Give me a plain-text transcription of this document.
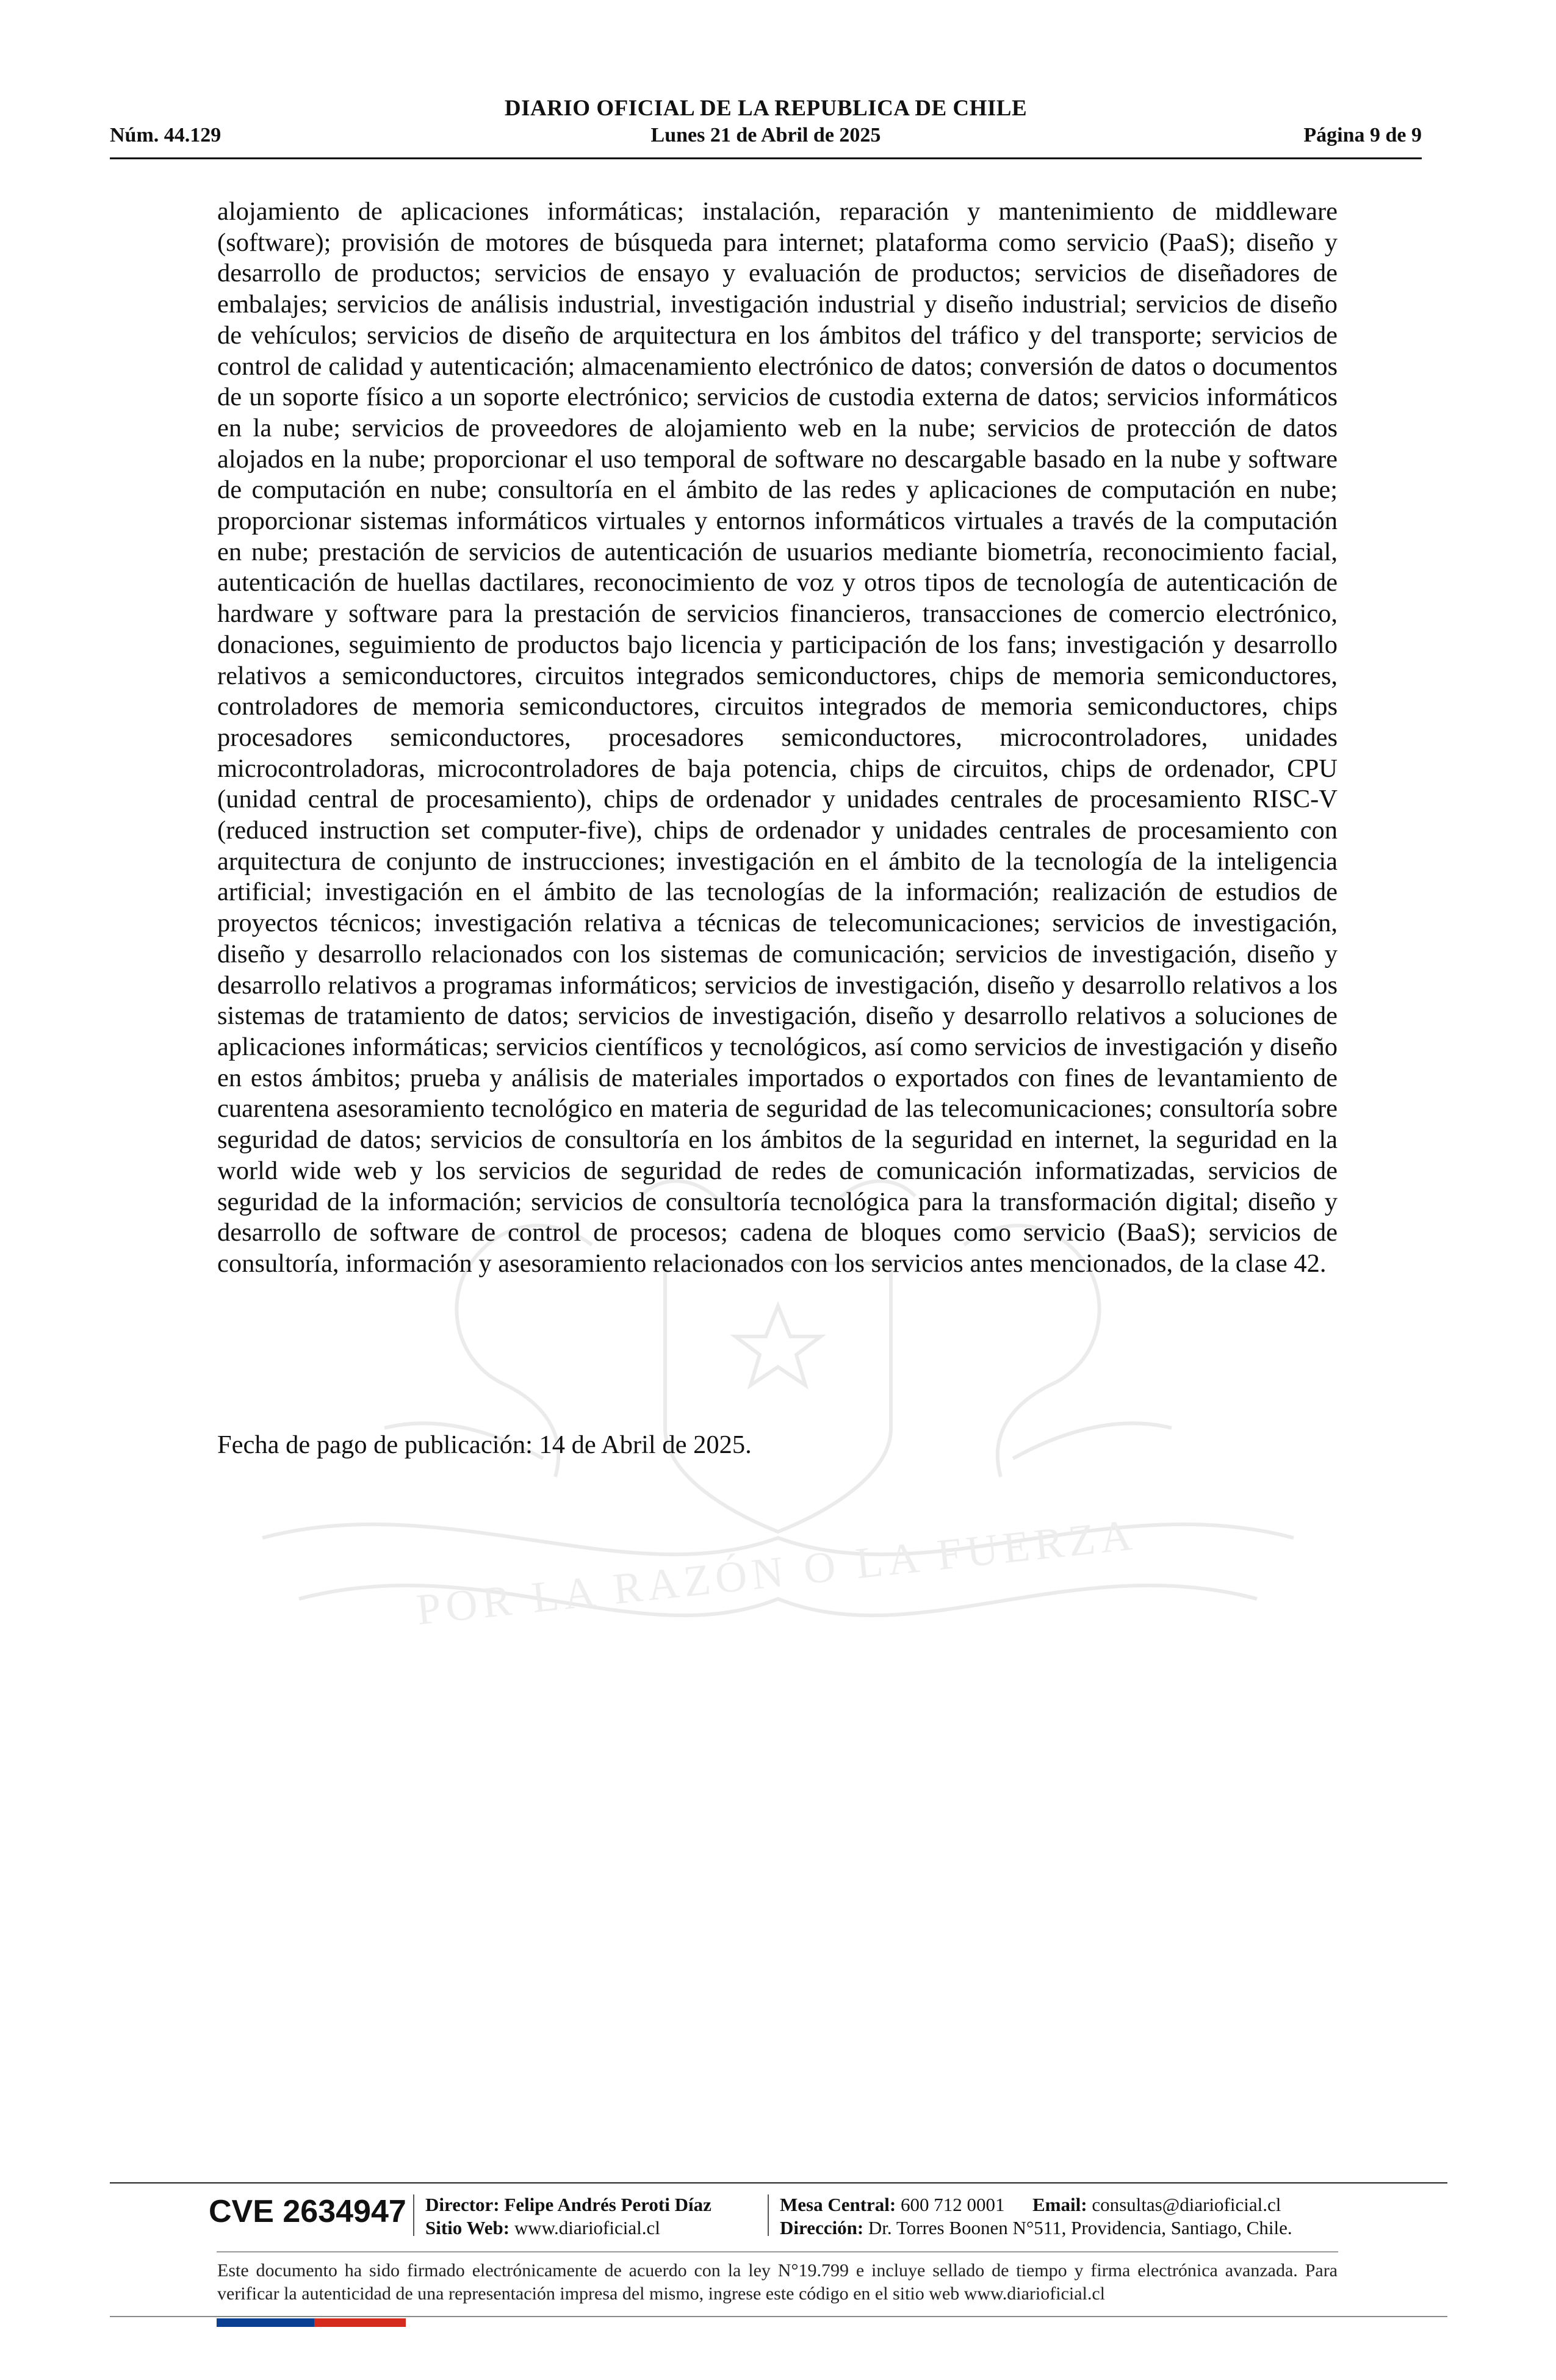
POR LA RAZÓN O LA FUERZA
DIARIO OFICIAL DE LA REPUBLICA DE CHILE
Núm. 44.129	Lunes 21 de Abril de 2025	Página 9 de 9

alojamiento de aplicaciones informáticas; instalación, reparación y mantenimiento de middleware (software); provisión de motores de búsqueda para internet; plataforma como servicio (PaaS); diseño y desarrollo de productos; servicios de ensayo y evaluación de productos; servicios de diseñadores de embalajes; servicios de análisis industrial, investigación industrial y diseño industrial; servicios de diseño de vehículos; servicios de diseño de arquitectura en los ámbitos del tráfico y del transporte; servicios de control de calidad y autenticación; almacenamiento electrónico de datos; conversión de datos o documentos de un soporte físico a un soporte electrónico; servicios de custodia externa de datos; servicios informáticos en la nube; servicios de proveedores de alojamiento web en la nube; servicios de protección de datos alojados en la nube; proporcionar el uso temporal de software no descargable basado en la nube y software de computación en nube; consultoría en el ámbito de las redes y aplicaciones de computación en nube; proporcionar sistemas informáticos virtuales y entornos informáticos virtuales a través de la computación en nube; prestación de servicios de autenticación de usuarios mediante biometría, reconocimiento facial, autenticación de huellas dactilares, reconocimiento de voz y otros tipos de tecnología de autenticación de hardware y software para la prestación de servicios financieros, transacciones de comercio electrónico, donaciones, seguimiento de productos bajo licencia y participación de los fans; investigación y desarrollo relativos a semiconductores, circuitos integrados semiconductores, chips de memoria semiconductores, controladores de memoria semiconductores, circuitos integrados de memoria semiconductores, chips procesadores semiconductores, procesadores semiconductores, microcontroladores, unidades microcontroladoras, microcontroladores de baja potencia, chips de circuitos, chips de ordenador, CPU (unidad central de procesamiento), chips de ordenador y unidades centrales de procesamiento RISC-V (reduced instruction set computer-five), chips de ordenador y unidades centrales de procesamiento con arquitectura de conjunto de instrucciones; investigación en el ámbito de la tecnología de la inteligencia artificial; investigación en el ámbito de las tecnologías de la información; realización de estudios de proyectos técnicos; investigación relativa a técnicas de telecomunicaciones; servicios de investigación, diseño y desarrollo relacionados con los sistemas de comunicación; servicios de investigación, diseño y desarrollo relativos a programas informáticos; servicios de investigación, diseño y desarrollo relativos a los sistemas de tratamiento de datos; servicios de investigación, diseño y desarrollo relativos a soluciones de aplicaciones informáticas; servicios científicos y tecnológicos, así como servicios de investigación y diseño en estos ámbitos; prueba y análisis de materiales importados o exportados con fines de levantamiento de cuarentena asesoramiento tecnológico en materia de seguridad de las telecomunicaciones; consultoría sobre seguridad de datos; servicios de consultoría en los ámbitos de la seguridad en internet, la seguridad en la world wide web y los servicios de seguridad de redes de comunicación informatizadas, servicios de seguridad de la información; servicios de consultoría tecnológica para la transformación digital; diseño y desarrollo de software de control de procesos; cadena de bloques como servicio (BaaS); servicios de consultoría, información y asesoramiento relacionados con los servicios antes mencionados, de la clase 42.

Fecha de pago de publicación: 14 de Abril de 2025.

CVE 2634947 Director: Felipe Andrés Peroti Díaz
Sitio Web: www.diarioficial.cl
Mesa Central: 600 712 0001 Email: consultas@diarioficial.cl
Dirección: Dr. Torres Boonen N°511, Providencia, Santiago, Chile.

Este documento ha sido firmado electrónicamente de acuerdo con la ley N°19.799 e incluye sellado de tiempo y firma electrónica avanzada. Para verificar la autenticidad de una representación impresa del mismo, ingrese este código en el sitio web www.diarioficial.cl
